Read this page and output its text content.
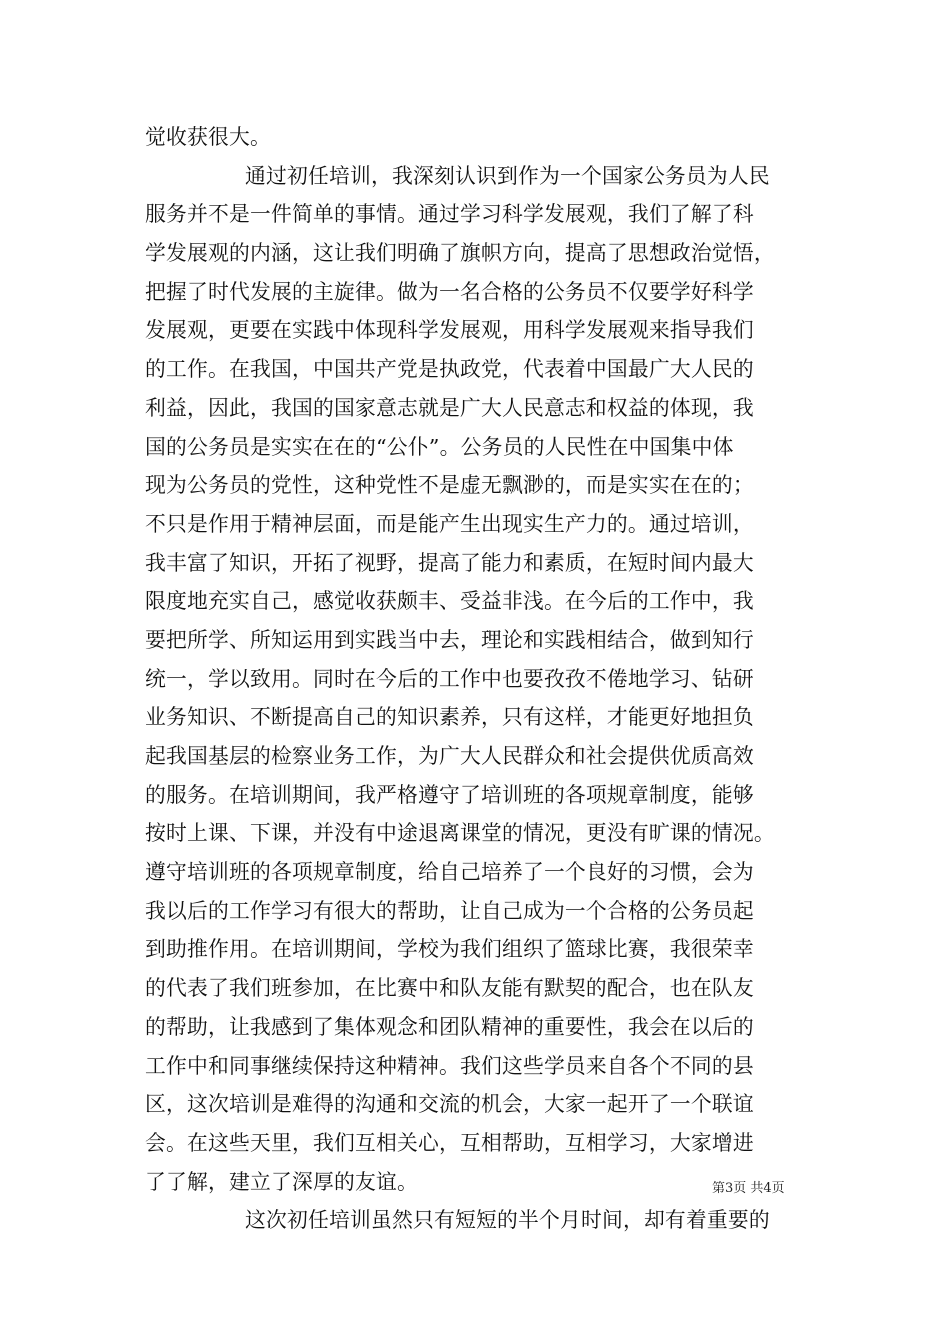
觉收获很大。
通过初任培训，我深刻认识到作为一个国家公务员为人民
服务并不是一件简单的事情。通过学习科学发展观，我们了解了科
学发展观的内涵，这让我们明确了旗帜方向，提高了思想政治觉悟，
把握了时代发展的主旋律。做为一名合格的公务员不仅要学好科学
发展观，更要在实践中体现科学发展观，用科学发展观来指导我们
的工作。在我国，中国共产党是执政党，代表着中国最广大人民的
利益，因此，我国的国家意志就是广大人民意志和权益的体现，我
国的公务员是实实在在的“公仆”。公务员的人民性在中国集中体
现为公务员的党性，这种党性不是虚无飘渺的，而是实实在在的；
不只是作用于精神层面，而是能产生出现实生产力的。通过培训，
我丰富了知识，开拓了视野，提高了能力和素质，在短时间内最大
限度地充实自己，感觉收获颇丰、受益非浅。在今后的工作中，我
要把所学、所知运用到实践当中去，理论和实践相结合，做到知行
统一，学以致用。同时在今后的工作中也要孜孜不倦地学习、钻研
业务知识、不断提高自己的知识素养，只有这样，才能更好地担负
起我国基层的检察业务工作，为广大人民群众和社会提供优质高效
的服务。在培训期间，我严格遵守了培训班的各项规章制度，能够
按时上课、下课，并没有中途退离课堂的情况，更没有旷课的情况。
遵守培训班的各项规章制度，给自己培养了一个良好的习惯，会为
我以后的工作学习有很大的帮助，让自己成为一个合格的公务员起
到助推作用。在培训期间，学校为我们组织了篮球比赛，我很荣幸
的代表了我们班参加，在比赛中和队友能有默契的配合，也在队友
的帮助，让我感到了集体观念和团队精神的重要性，我会在以后的
工作中和同事继续保持这种精神。我们这些学员来自各个不同的县
区，这次培训是难得的沟通和交流的机会，大家一起开了一个联谊
会。在这些天里，我们互相关心，互相帮助，互相学习，大家增进
了了解，建立了深厚的友谊。
这次初任培训虽然只有短短的半个月时间，却有着重要的
第3页 共4页
